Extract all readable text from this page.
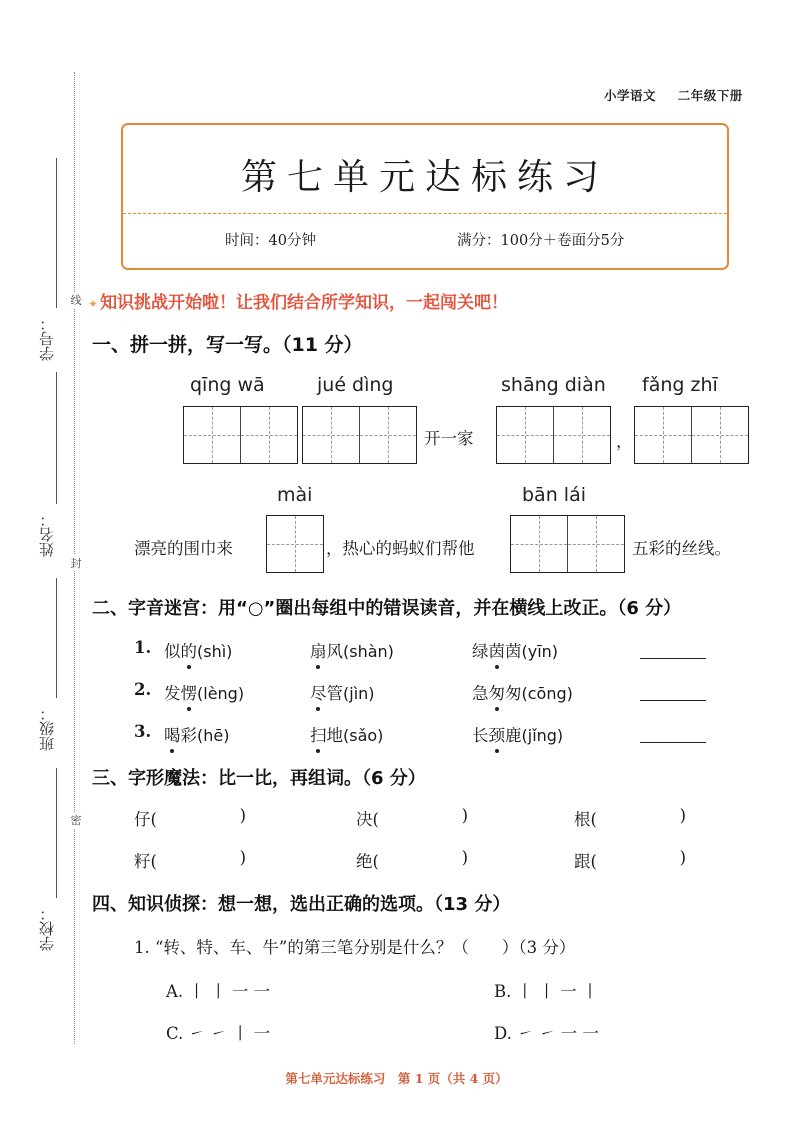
学号：
姓名：
班级：
学校：
线
封
密
小学语文 二年级下册
第七单元达标练习
时间：40分钟	满分：100分＋卷面分5分
✦ 知识挑战开始啦！让我们结合所学知识，一起闯关吧！
一、拼一拼，写一写。（11 分）
qīng wā	jué dìng	shāng diàn fǎng zhī
开一家	，
mài	bān lái
漂亮的围巾来	，热心的蚂蚁们帮他	五彩的丝线。
二、字音迷宫：用“○”圈出每组中的错误读音，并在横线上改正。（6 分）
1. 似的(shì)	扇风(shàn)	绿茵茵(yīn)
2. 发愣(lèng)	尽管(jìn)	急匆匆(cōng)
3. 喝彩(hē)	扫地(sǎo)	长颈鹿(jǐng)
三、字形魔法：比一比，再组词。（6 分）
仔(	)	决(	)	根(	)
籽(	)	绝(	)	跟(	)
四、知识侦探：想一想，选出正确的选项。（13 分）
1. “转、特、车、牛”的第三笔分别是什么？（　　）（3 分）
A. 丨 丨 一 一	B. 丨 丨 一 丨
C. ㇀ ㇀ 丨 一	D. ㇀ ㇀ 一 一
第七单元达标练习　第 1 页（共 4 页）
